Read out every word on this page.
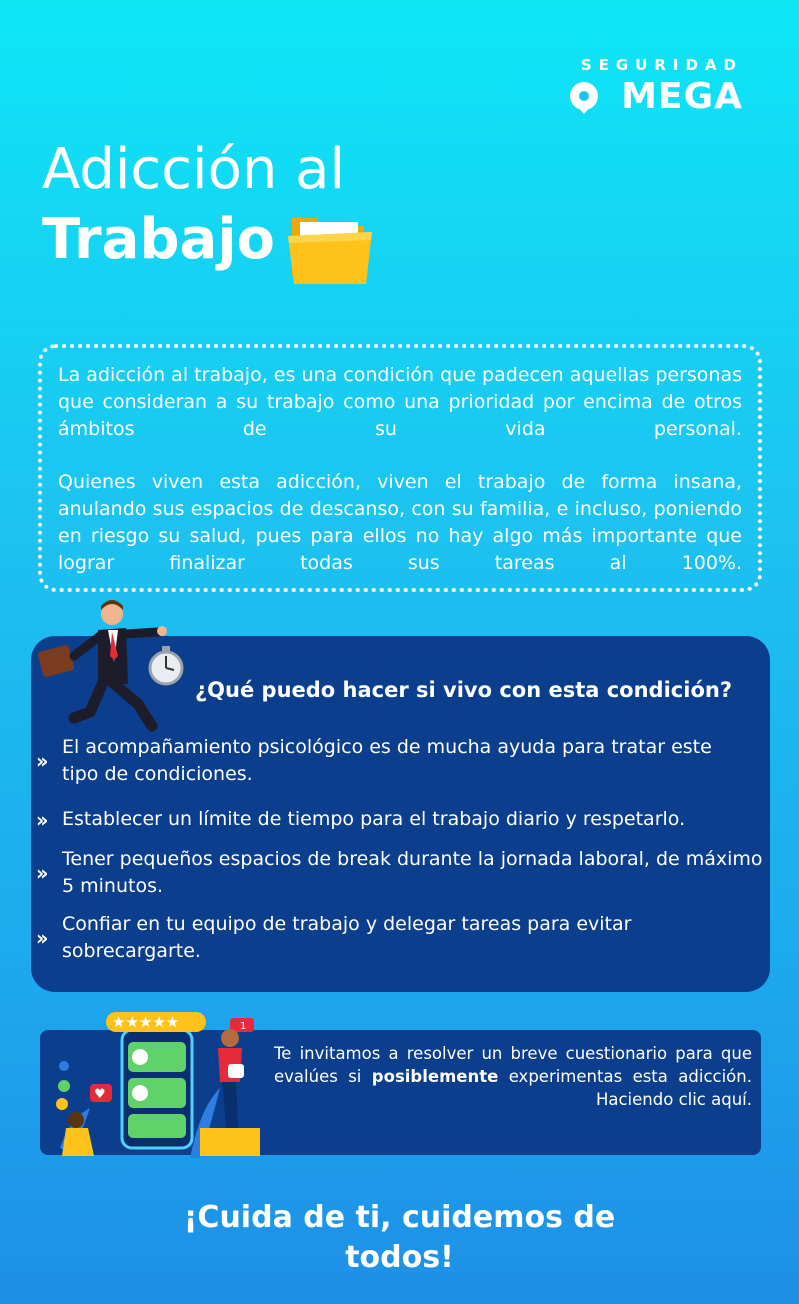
SEGURIDAD
MEGA
Adicción al
Trabajo

La adicción al trabajo, es una condición que padecen aquellas personas que consideran a su trabajo como una prioridad por encima de otros ámbitos de su vida personal.

Quienes viven esta adicción, viven el trabajo de forma insana, anulando sus espacios de descanso, con su familia, e incluso, poniendo en riesgo su salud, pues para ellos no hay algo más importante que lograr finalizar todas sus tareas al 100%.

¿Qué puedo hacer si vivo con esta condición?
››
El acompañamiento psicológico es de mucha ayuda para tratar este tipo de condiciones.
›› Establecer un límite de tiempo para el trabajo diario y respetarlo.
››
Tener pequeños espacios de break durante la jornada laboral, de máximo 5 minutos.
››
Confiar en tu equipo de trabajo y delegar tareas para evitar sobrecargarte.
★★★★★
♥
1
Te invitamos a resolver un breve cuestionario para que evalúes si posiblemente experimentas esta adicción. Haciendo clic aquí.
¡Cuida de ti, cuidemos de
todos!
